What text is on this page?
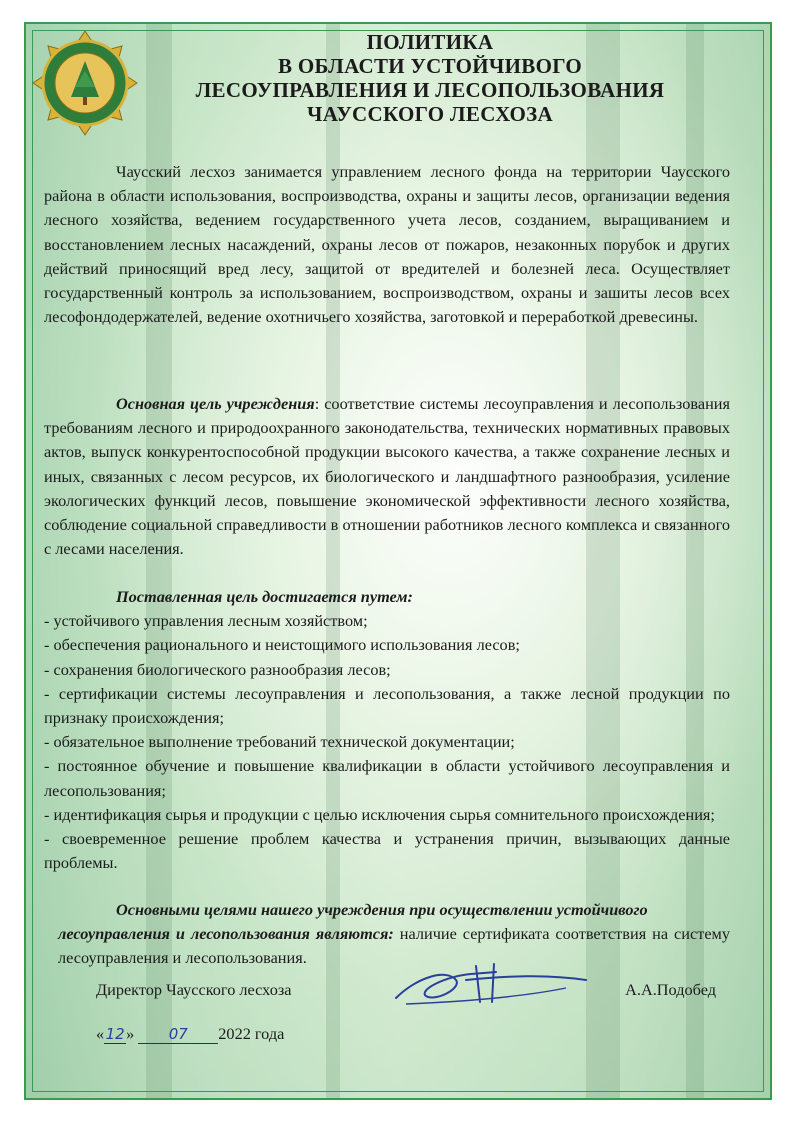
ПОЛИТИКА
В ОБЛАСТИ УСТОЙЧИВОГО
ЛЕСОУПРАВЛЕНИЯ И ЛЕСОПОЛЬЗОВАНИЯ
ЧАУССКОГО ЛЕСХОЗА
Чаусский лесхоз занимается управлением лесного фонда на территории Чаусского района в области использования, воспроизводства, охраны и защиты лесов, организации ведения лесного хозяйства, ведением государственного учета лесов, созданием, выращиванием и восстановлением лесных насаждений, охраны лесов от пожаров, незаконных порубок и других действий приносящий вред лесу, защитой от вредителей и болезней леса. Осуществляет государственный контроль за использованием, воспроизводством, охраны и зашиты лесов всех лесофондодержателей, ведение охотничьего хозяйства, заготовкой и переработкой древесины.
Основная цель учреждения: соответствие системы лесоуправления и лесопользования требованиям лесного и природоохранного законодательства, технических нормативных правовых актов, выпуск конкурентоспособной продукции высокого качества, а также сохранение лесных и иных, связанных с лесом ресурсов, их биологического и ландшафтного разнообразия, усиление экологических функций лесов, повышение экономической эффективности лесного хозяйства, соблюдение социальной справедливости в отношении работников лесного комплекса и связанного с лесами населения.
Поставленная цель достигается путем:
- устойчивого управления лесным хозяйством;
- обеспечения рационального и неистощимого использования лесов;
- сохранения биологического разнообразия лесов;
- сертификации системы лесоуправления и лесопользования, а также лесной продукции по признаку происхождения;
- обязательное выполнение требований технической документации;
- постоянное обучение и повышение квалификации в области устойчивого лесоуправления и лесопользования;
- идентификация сырья и продукции с целью исключения сырья сомнительного происхождения;
- своевременное решение проблем качества и устранения причин, вызывающих данные проблемы.
Основными целями нашего учреждения при осуществлении устойчивого
лесоуправления и лесопользования являются: наличие сертификата соответствия на систему лесоуправления и лесопользования.
Директор Чаусского лесхоза	А.А.Подобед
«12» 07 2022 года
